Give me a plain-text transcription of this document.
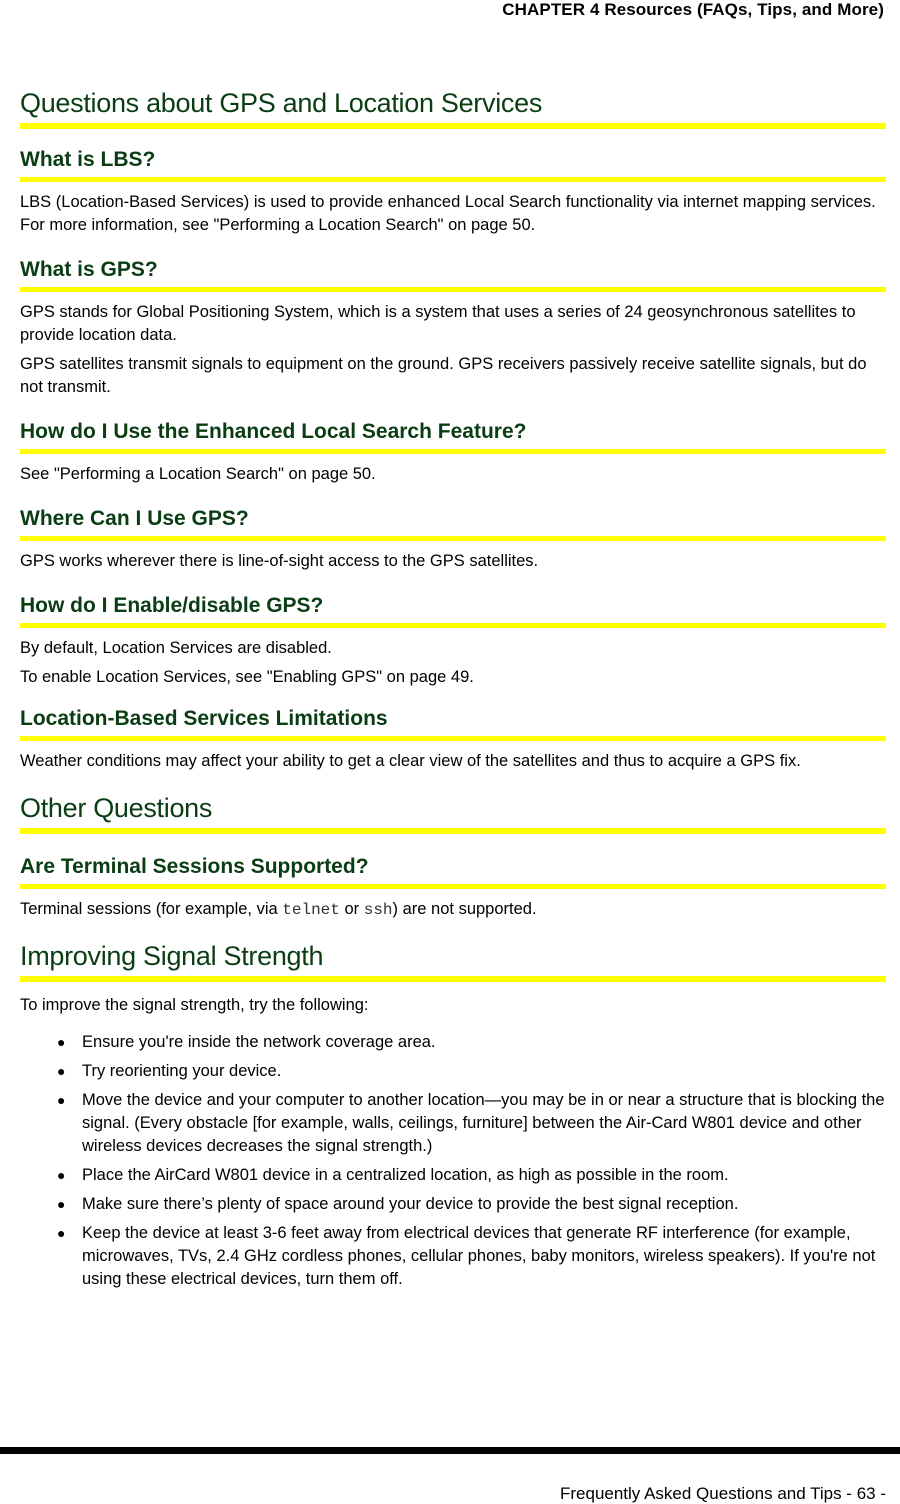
CHAPTER 4 Resources (FAQs, Tips, and More)
Questions about GPS and Location Services
What is LBS?

LBS (Location-Based Services) is used to provide enhanced Local Search functionality via internet mapping services. For more information, see "Performing a Location Search" on page 50.

What is GPS?

GPS stands for Global Positioning System, which is a system that uses a series of 24 geosynchronous satellites to provide location data.

GPS satellites transmit signals to equipment on the ground. GPS receivers passively receive satellite signals, but do not transmit.

How do I Use the Enhanced Local Search Feature?

See "Performing a Location Search" on page 50.

Where Can I Use GPS?

GPS works wherever there is line-of-sight access to the GPS satellites.

How do I Enable/disable GPS?

By default, Location Services are disabled.

To enable Location Services, see "Enabling GPS" on page 49.

Location-Based Services Limitations

Weather conditions may affect your ability to get a clear view of the satellites and thus to acquire a GPS fix.

Other Questions
Are Terminal Sessions Supported?

Terminal sessions (for example, via telnet or ssh) are not supported.

Improving Signal Strength

To improve the signal strength, try the following:

● Ensure you're inside the network coverage area.
● Try reorienting your device.
● Move the device and your computer to another location—you may be in or near a structure that is blocking the signal. (Every obstacle [for example, walls, ceilings, furniture] between the Air-Card W801 device and other wireless devices decreases the signal strength.)
● Place the AirCard W801 device in a centralized location, as high as possible in the room.
● Make sure there’s plenty of space around your device to provide the best signal reception.
● Keep the device at least 3-6 feet away from electrical devices that generate RF interference (for example, microwaves, TVs, 2.4 GHz cordless phones, cellular phones, baby monitors, wireless speakers). If you're not using these electrical devices, turn them off.
Frequently Asked Questions and Tips - 63 -
